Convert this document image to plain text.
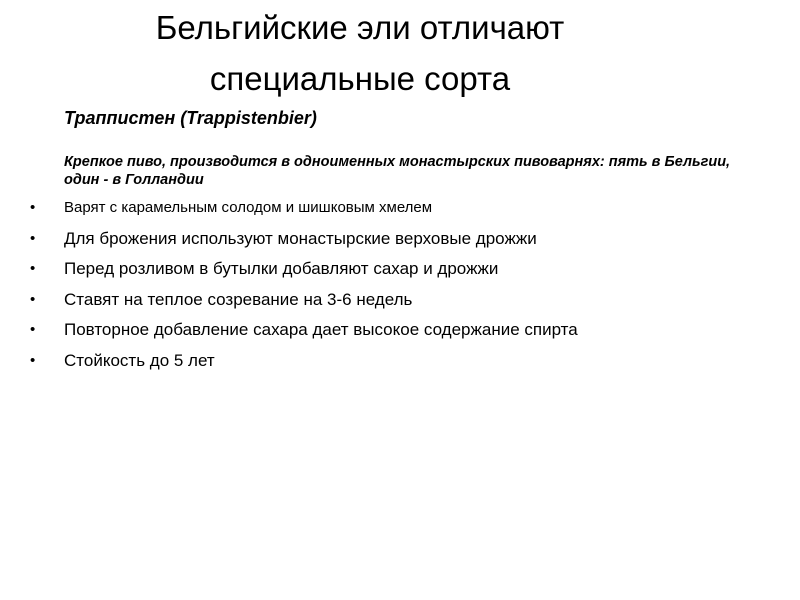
Бельгийские эли отличают
специальные сорта

Траппистен (Trappistenbier)

Крепкое пиво, производится в одноименных монастырских пивоварнях: пять в Бельгии, один - в Голландии

•	Варят с карамельным солодом и шишковым хмелем
• Для брожения используют монастырские верховые дрожжи
• Перед розливом в бутылки добавляют сахар и дрожжи
• Ставят на теплое созревание на 3-6 недель
• Повторное добавление сахара дает высокое содержание спирта
• Стойкость до 5 лет
